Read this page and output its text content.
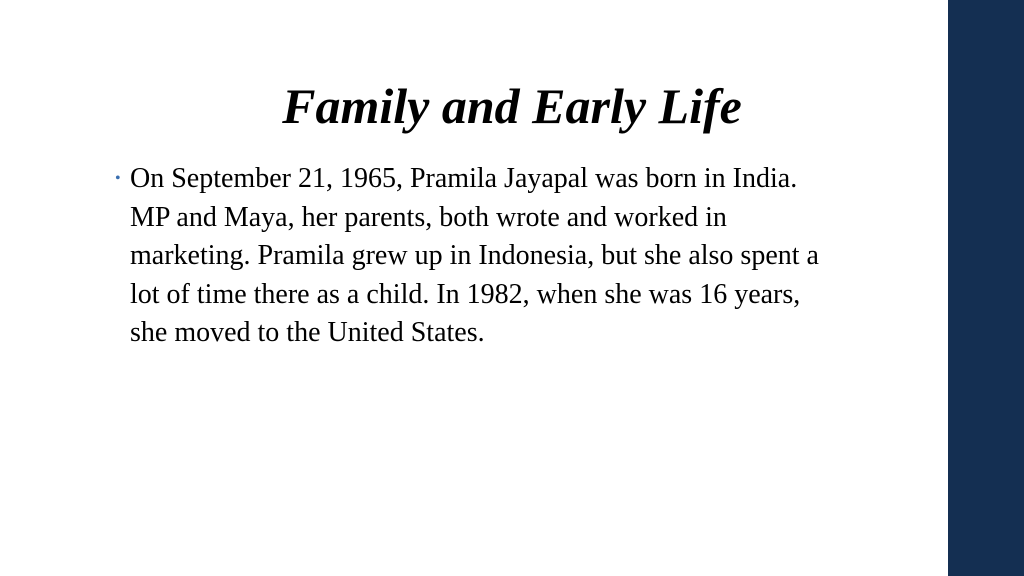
Family and Early Life
• On September 21, 1965, Pramila Jayapal was born in India. MP and Maya, her parents, both wrote and worked in marketing. Pramila grew up in Indonesia, but she also spent a lot of time there as a child. In 1982, when she was 16 years, she moved to the United States.
